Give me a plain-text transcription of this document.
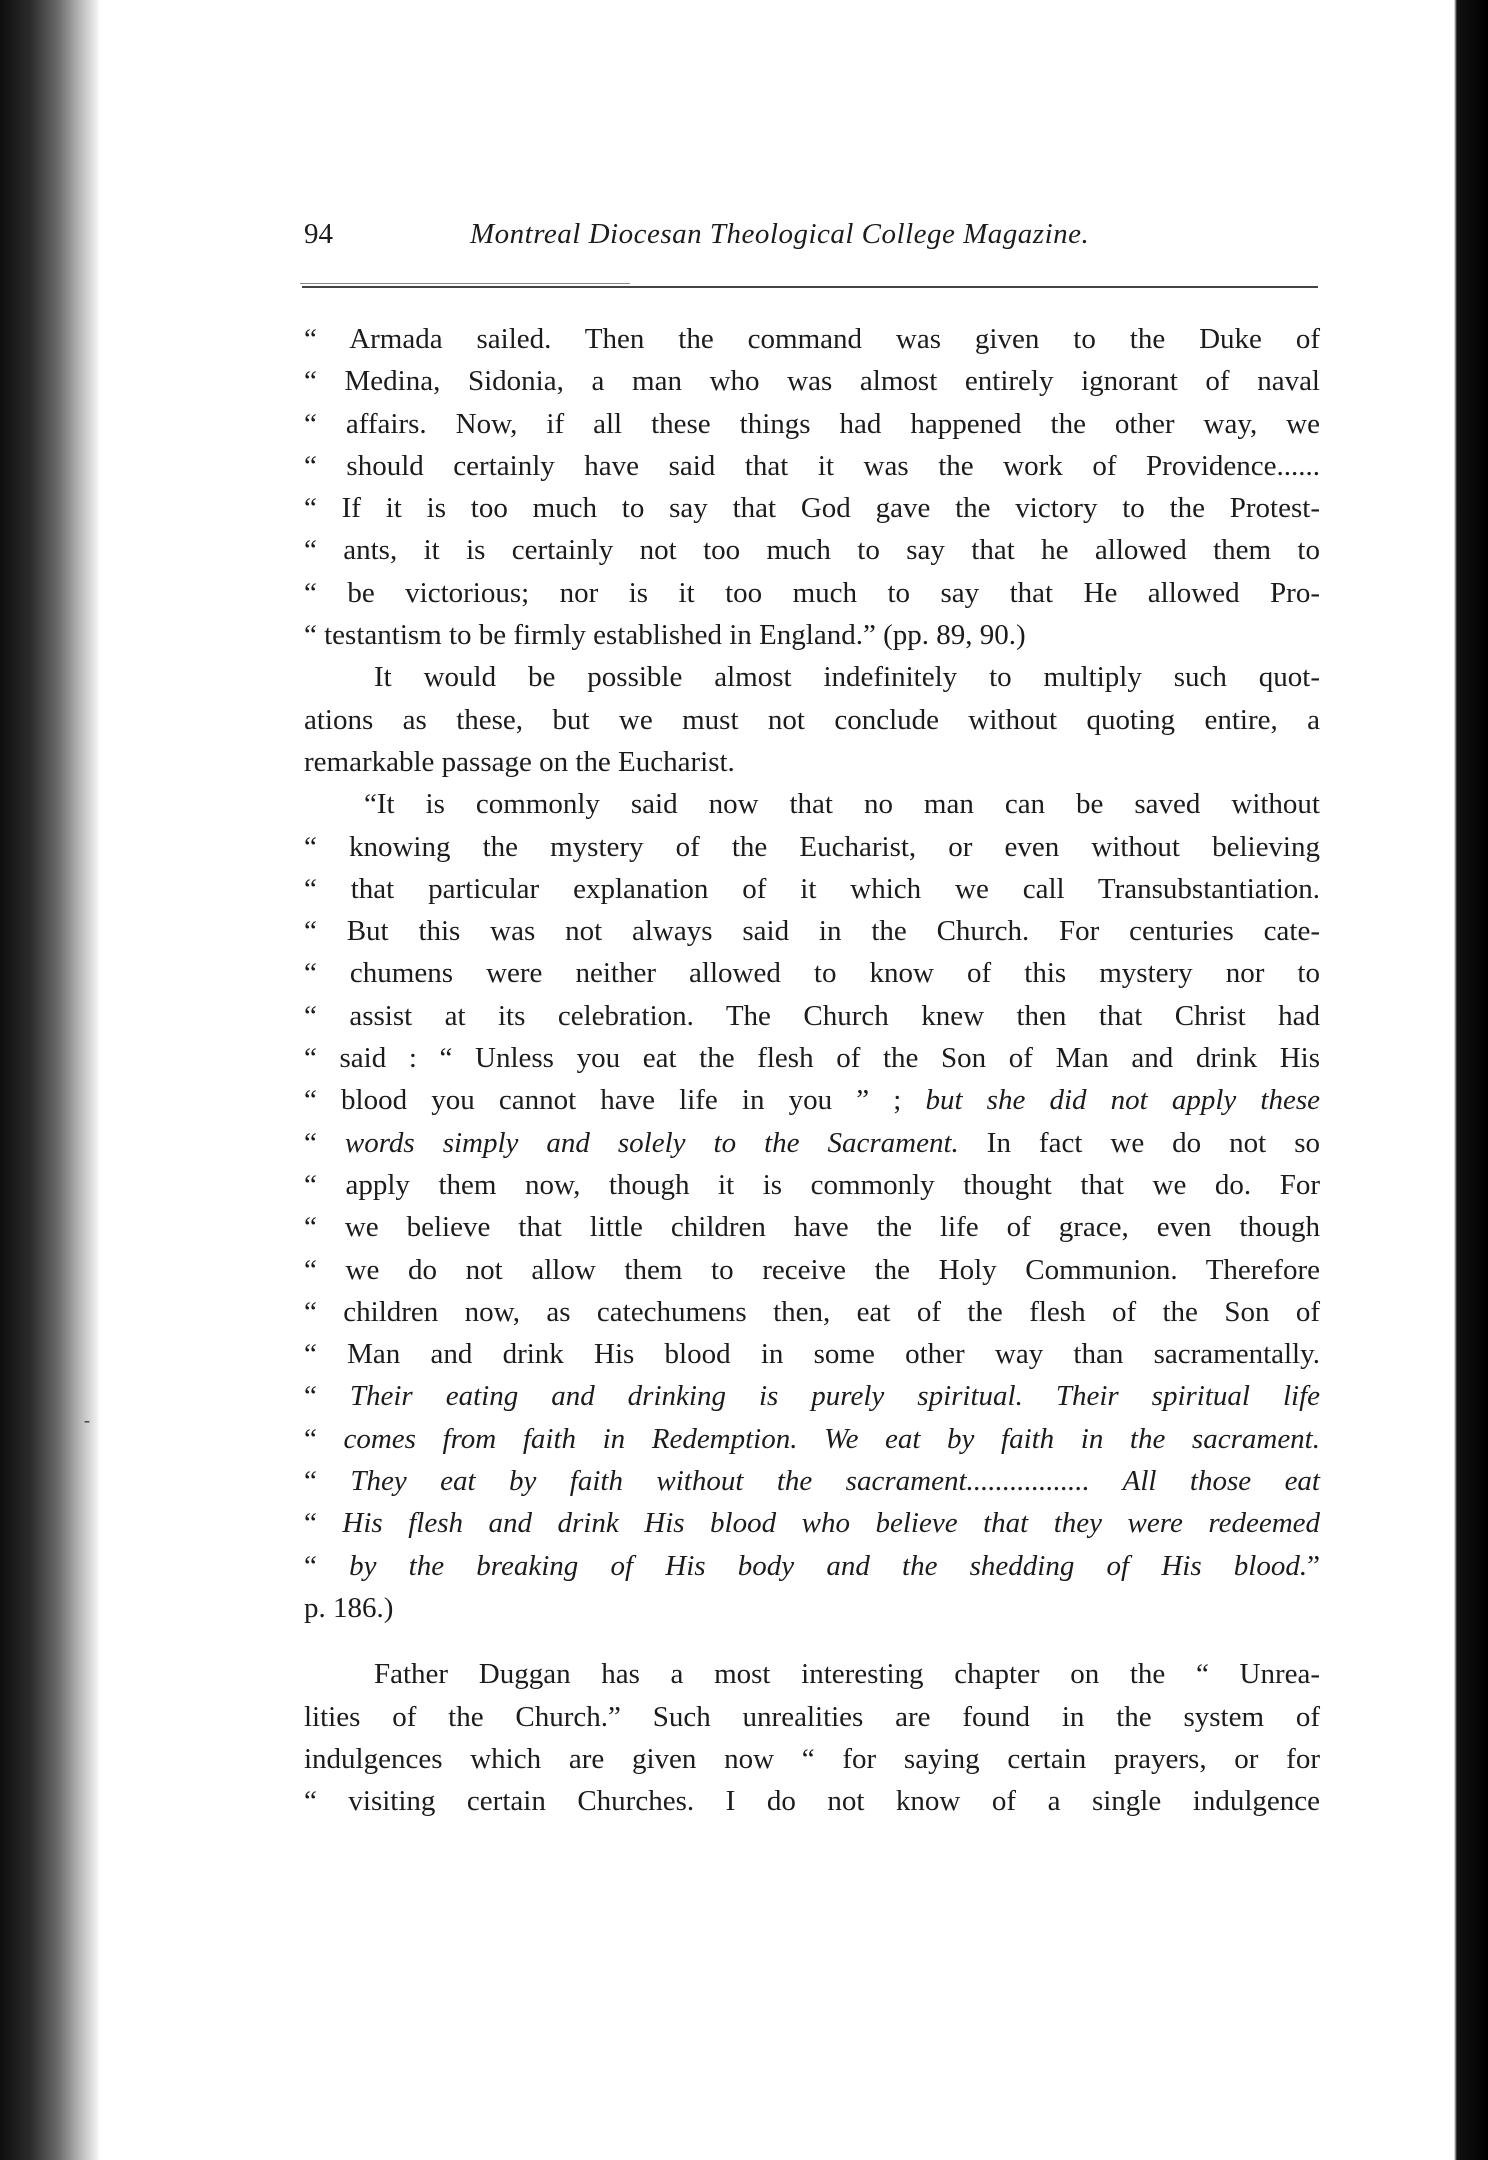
‑
94	Montreal Diocesan Theological College Magazine.
“ Armada sailed. Then the command was given to the Duke of
“ Medina, Sidonia, a man who was almost entirely ignorant of naval
“ affairs. Now, if all these things had happened the other way, we
“ should certainly have said that it was the work of Providence......
“ If it is too much to say that God gave the victory to the Protest-
“ ants, it is certainly not too much to say that he allowed them to
“ be victorious; nor is it too much to say that He allowed Pro-
“ testantism to be firmly established in England.” (pp. 89, 90.)
It would be possible almost indefinitely to multiply such quot-
ations as these, but we must not conclude without quoting entire, a
remarkable passage on the Eucharist.
“It is commonly said now that no man can be saved without
“ knowing the mystery of the Eucharist, or even without believing
“ that particular explanation of it which we call Transubstantiation.
“ But this was not always said in the Church. For centuries cate-
“ chumens were neither allowed to know of this mystery nor to
“ assist at its celebration. The Church knew then that Christ had
“ said : “ Unless you eat the flesh of the Son of Man and drink His
“ blood you cannot have life in you ” ; but she did not apply these
“ words simply and solely to the Sacrament. In fact we do not so
“ apply them now, though it is commonly thought that we do. For
“ we believe that little children have the life of grace, even though
“ we do not allow them to receive the Holy Communion. Therefore
“ children now, as catechumens then, eat of the flesh of the Son of
“ Man and drink His blood in some other way than sacramentally.
“ Their eating and drinking is purely spiritual. Their spiritual life
“ comes from faith in Redemption. We eat by faith in the sacrament.
“ They eat by faith without the sacrament................. All those eat
“ His flesh and drink His blood who believe that they were redeemed
“ by the breaking of His body and the shedding of His blood.”
p. 186.)
Father Duggan has a most interesting chapter on the “ Unrea-
lities of the Church.” Such unrealities are found in the system of
indulgences which are given now “ for saying certain prayers, or for
“ visiting certain Churches. I do not know of a single indulgence
